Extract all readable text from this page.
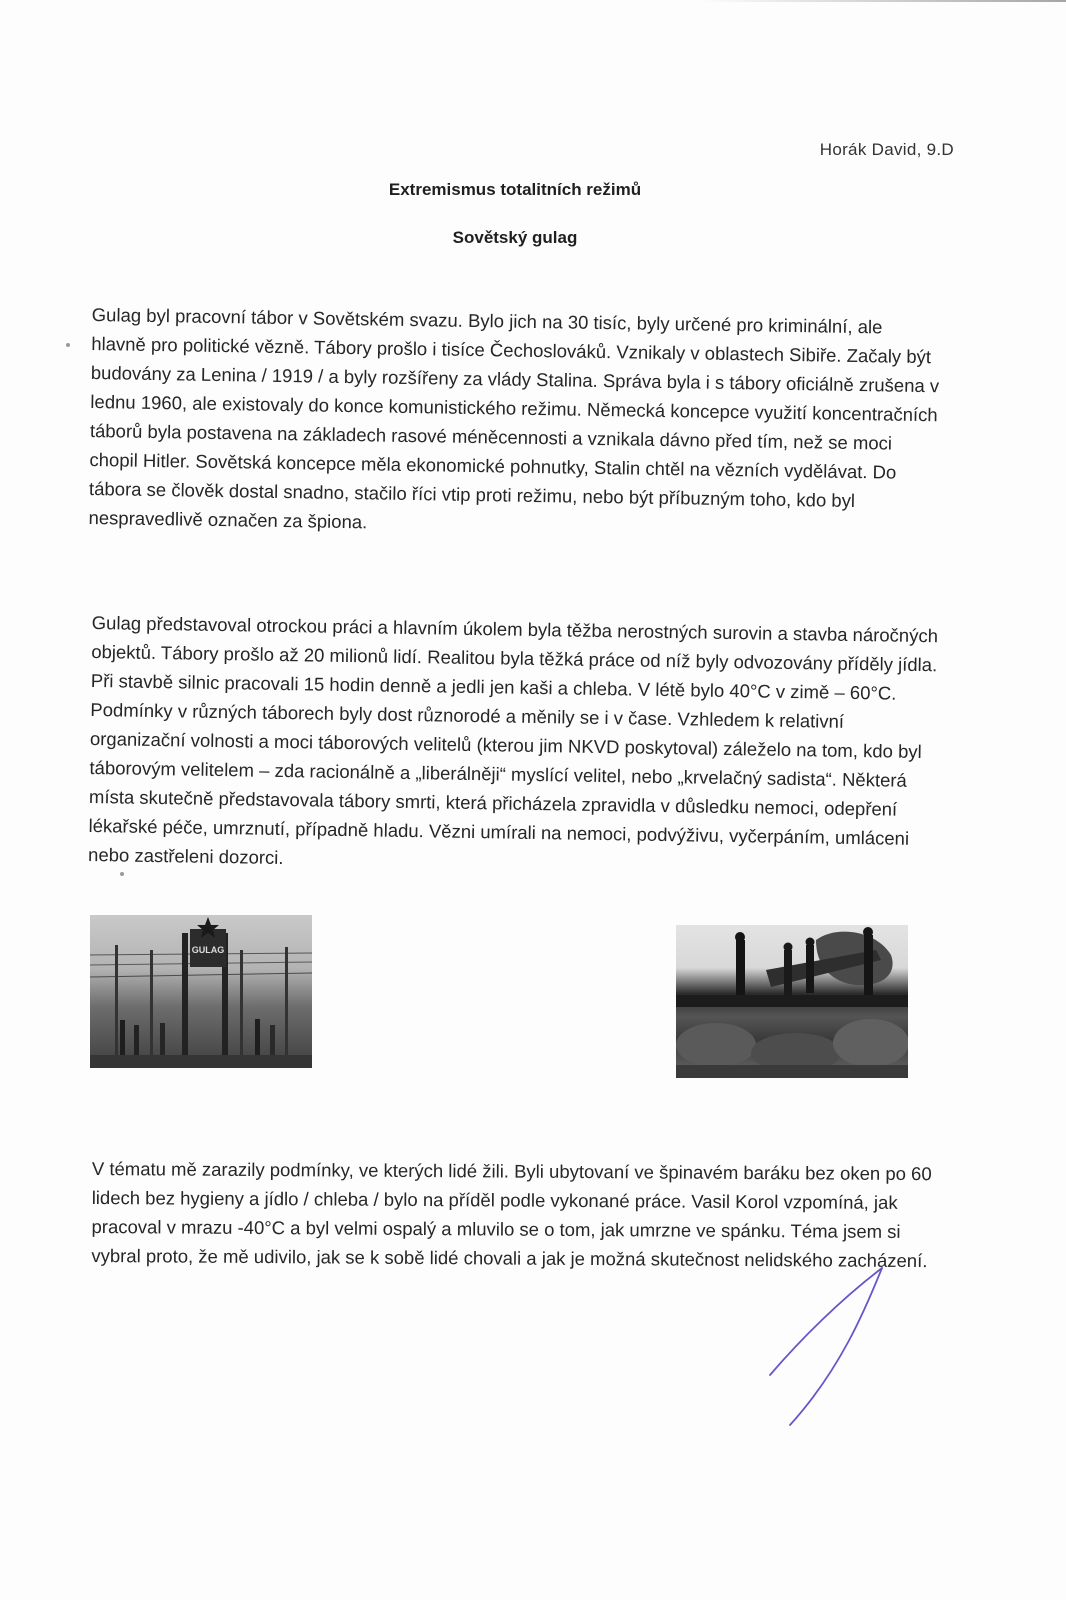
Horák David, 9.D
Extremismus totalitních režimů
Sovětský gulag
Gulag byl pracovní tábor v Sovětském svazu. Bylo jich na 30 tisíc, byly určené pro kriminální, ale hlavně pro politické vězně. Tábory prošlo i tisíce Čechoslováků. Vznikaly v oblastech Sibiře. Začaly být budovány za Lenina / 1919 / a byly rozšířeny za vlády Stalina. Správa byla i s tábory oficiálně zrušena v lednu 1960, ale existovaly do konce komunistického režimu. Německá koncepce využití koncentračních táborů byla postavena na základech rasové méněcennosti a vznikala dávno před tím, než se moci chopil Hitler. Sovětská koncepce měla ekonomické pohnutky, Stalin chtěl na vězních vydělávat. Do tábora se člověk dostal snadno, stačilo říci vtip proti režimu, nebo být příbuzným toho, kdo byl nespravedlivě označen za špiona.
Gulag představoval otrockou práci a hlavním úkolem byla těžba nerostných surovin a stavba náročných objektů. Tábory prošlo až 20 milionů lidí. Realitou byla těžká práce od níž byly odvozovány příděly jídla. Při stavbě silnic pracovali 15 hodin denně a jedli jen kaši a chleba. V létě bylo 40°C v zimě – 60°C. Podmínky v různých táborech byly dost různorodé a měnily se i v čase. Vzhledem k relativní organizační volnosti a moci táborových velitelů (kterou jim NKVD poskytoval) záleželo na tom, kdo byl táborovým velitelem – zda racionálně a „liberálněji“ myslící velitel, nebo „krvelačný sadista“. Některá místa skutečně představovala tábory smrti, která přicházela zpravidla v důsledku nemoci, odepření lékařské péče, umrznutí, případně hladu. Vězni umírali na nemoci, podvýživu, vyčerpáním, umláceni nebo zastřeleni dozorci.
GULAG
V tématu mě zarazily podmínky, ve kterých lidé žili. Byli ubytovaní ve špinavém baráku bez oken po 60 lidech bez hygieny a jídlo / chleba / bylo na příděl podle vykonané práce. Vasil Korol vzpomíná, jak pracoval v mrazu -40°C a byl velmi ospalý a mluvilo se o tom, jak umrzne ve spánku. Téma jsem si vybral proto, že mě udivilo, jak se k sobě lidé chovali a jak je možná skutečnost nelidského zacházení.
